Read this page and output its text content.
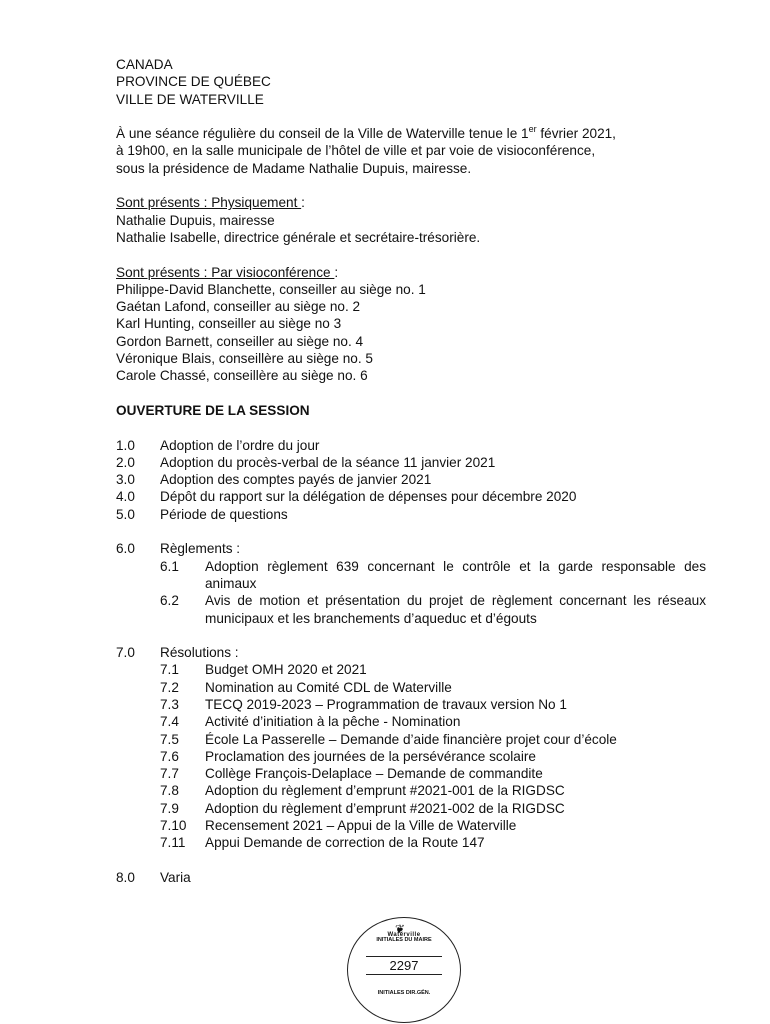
CANADA
PROVINCE DE QUÉBEC
VILLE DE WATERVILLE
À une séance régulière du conseil de la Ville de Waterville tenue le 1er février 2021,
à 19h00, en la salle municipale de l’hôtel de ville et par voie de visioconférence,
sous la présidence de Madame Nathalie Dupuis, mairesse.
Sont présents : Physiquement :
Nathalie Dupuis, mairesse
Nathalie Isabelle, directrice générale et secrétaire-trésorière.
Sont présents : Par visioconférence :
Philippe-David Blanchette, conseiller au siège no. 1
Gaétan Lafond, conseiller au siège no. 2
Karl Hunting, conseiller au siège no 3
Gordon Barnett, conseiller au siège no. 4
Véronique Blais, conseillère au siège no. 5
Carole Chassé, conseillère au siège no. 6
OUVERTURE DE LA SESSION
1.0	Adoption de l’ordre du jour
2.0	Adoption du procès-verbal de la séance 11 janvier 2021
3.0	Adoption des comptes payés de janvier 2021
4.0	Dépôt du rapport sur la délégation de dépenses pour décembre 2020
5.0	Période de questions
6.0	Règlements :
6.1	Adoption règlement 639 concernant le contrôle et la garde responsable des animaux
6.2	Avis de motion et présentation du projet de règlement concernant les réseaux municipaux et les branchements d’aqueduc et d’égouts
7.0	Résolutions :
7.1	Budget OMH 2020 et 2021
7.2	Nomination au Comité CDL de Waterville
7.3	TECQ 2019-2023 – Programmation de travaux version No 1
7.4	Activité d’initiation à la pêche - Nomination
7.5	École La Passerelle – Demande d’aide financière projet cour d’école
7.6	Proclamation des journées de la persévérance scolaire
7.7	Collège François-Delaplace – Demande de commandite
7.8	Adoption du règlement d’emprunt #2021-001 de la RIGDSC
7.9	Adoption du règlement d’emprunt #2021-002 de la RIGDSC
7.10	Recensement 2021 – Appui de la Ville de Waterville
7.11	Appui Demande de correction de la Route 147
8.0	Varia
❦
Waterville
INITIALES DU MAIRE
2297
INITIALES DIR.GÉN.
